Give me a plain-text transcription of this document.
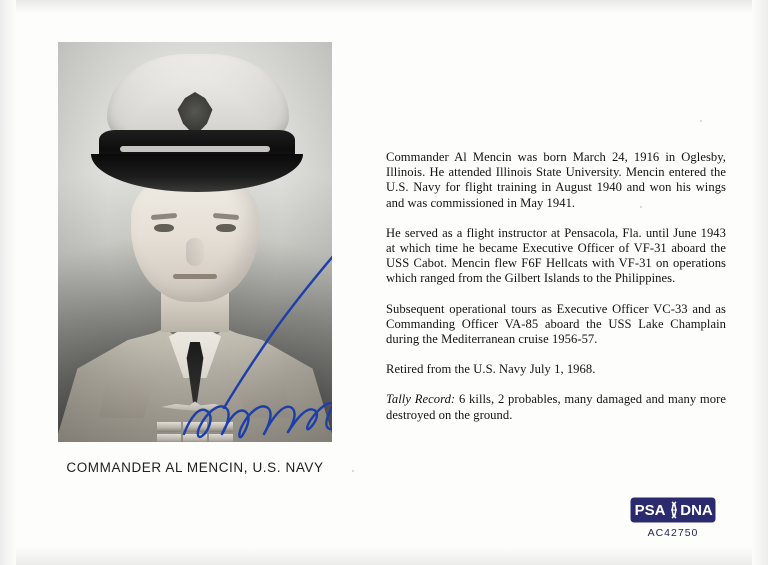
COMMANDER AL MENCIN, U.S. NAVY

Commander Al Mencin was born March 24, 1916 in Oglesby, Illinois. He attended Illinois State University. Mencin entered the U.S. Navy for flight training in August 1940 and won his wings and was commissioned in May 1941.

He served as a flight instructor at Pensacola, Fla. until June 1943 at which time he became Executive Officer of VF-31 aboard the USS Cabot. Mencin flew F6F Hellcats with VF-31 on operations which ranged from the Gilbert Islands to the Philippines.

Subsequent operational tours as Executive Officer VC-33 and as Commanding Officer VA-85 aboard the USS Lake Champlain during the Mediterranean cruise 1956-57.

Retired from the U.S. Navy July 1, 1968.

Tally Record: 6 kills, 2 probables, many damaged and many more destroyed on the ground.

PSA DNA
AC42750
